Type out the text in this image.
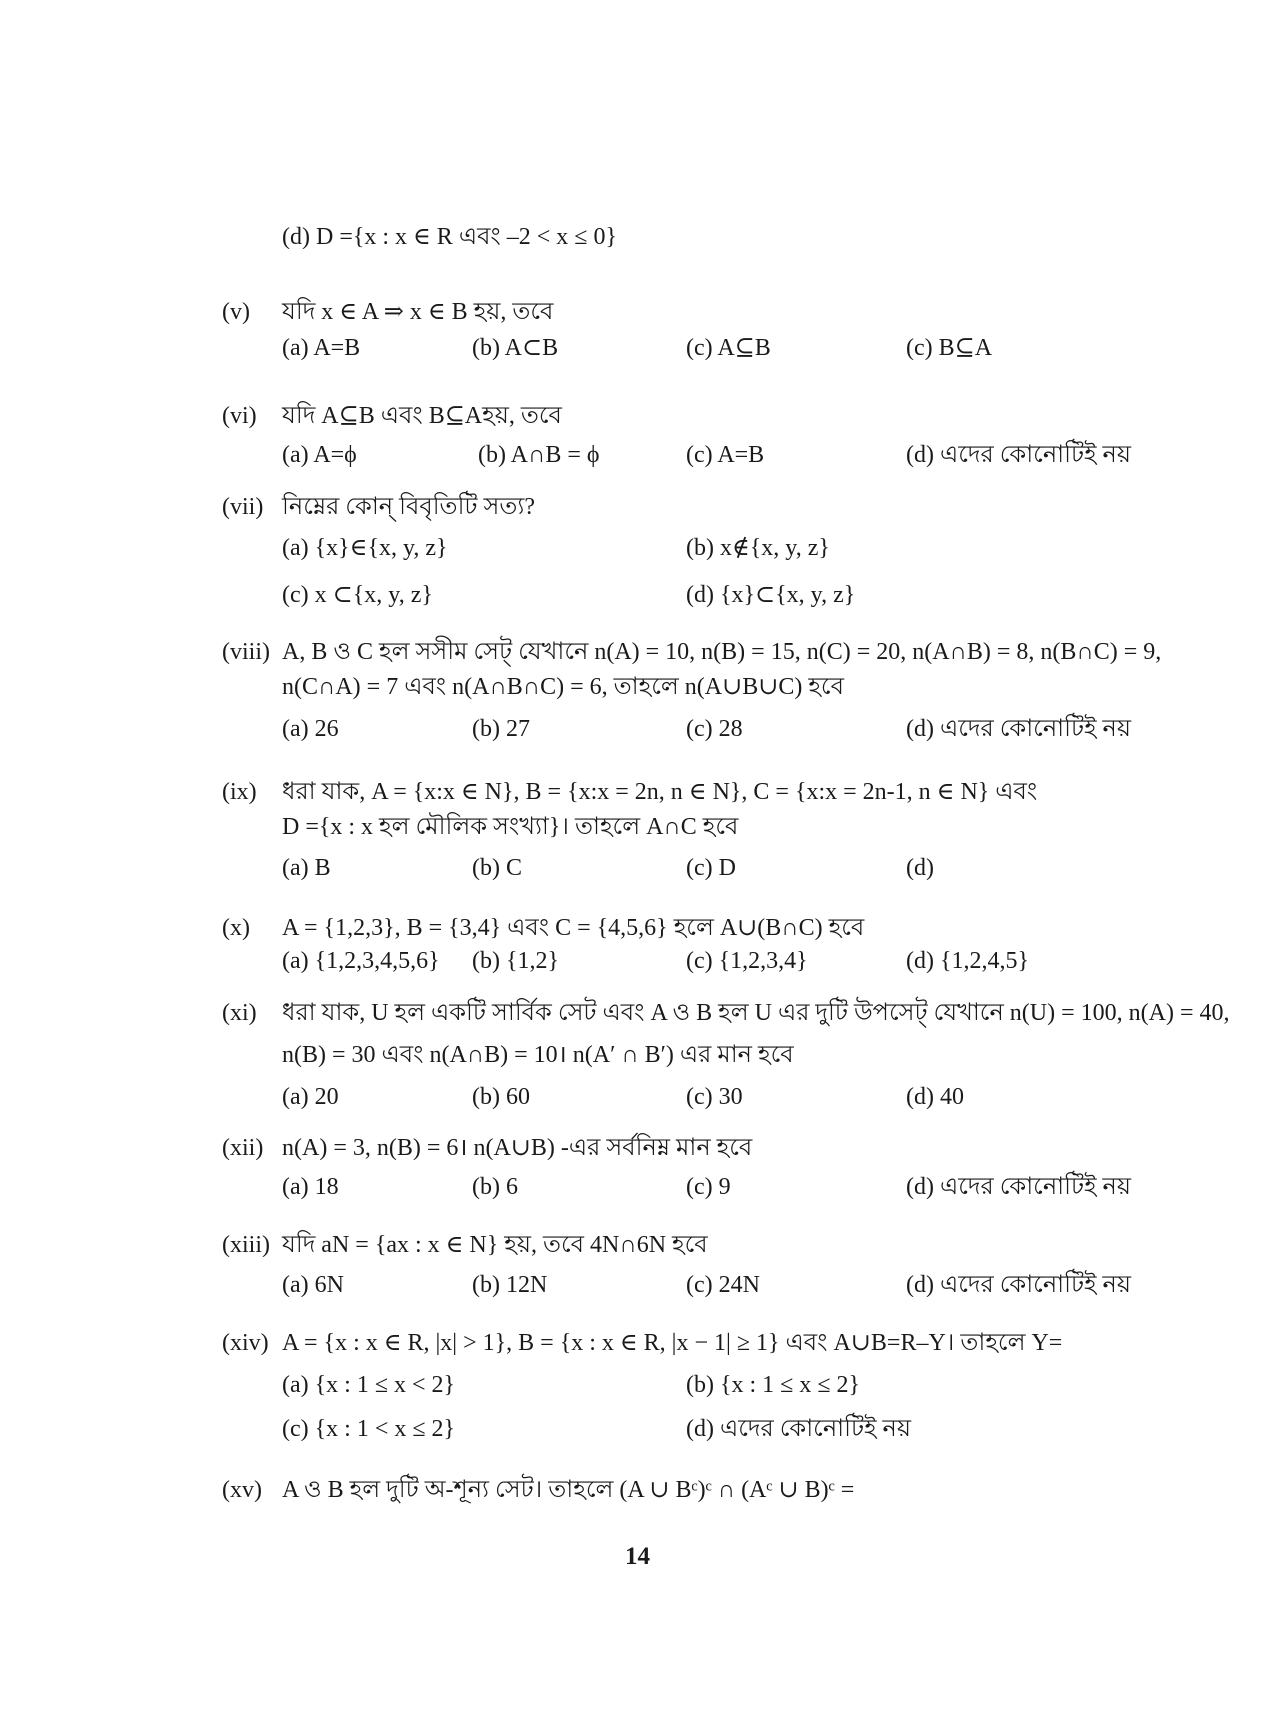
(d) D ={x : x ∈ R এবং –2 < x ≤ 0}
(v) যদি x ∈ A ⇒ x ∈ B হয়, তবে
(a) A=B	(b) A⊂B	(c) A⊆B	(c) B⊆A
(vi) যদি A⊆B এবং B⊆Aহয়, তবে
(a) A=ϕ	(b) A∩B = ϕ	(c) A=B	(d) এদের কোনোটিই নয়
(vii) নিম্নের কোন্ বিবৃতিটি সত্য?
(a) {x}∈{x, y, z}	(b) x∉{x, y, z}
(c) x ⊂{x, y, z}	(d) {x}⊂{x, y, z}
(viii) A, B ও C হল সসীম সেট্ যেখানে n(A) = 10, n(B) = 15, n(C) = 20, n(A∩B) = 8, n(B∩C) = 9,
n(C∩A) = 7 এবং n(A∩B∩C) = 6, তাহলে n(A∪B∪C) হবে
(a) 26	(b) 27	(c) 28	(d) এদের কোনোটিই নয়
(ix) ধরা যাক, A = {x:x ∈ N}, B = {x:x = 2n, n ∈ N}, C = {x:x = 2n-1, n ∈ N} এবং
D ={x : x হল মৌলিক সংখ্যা}। তাহলে A∩C হবে
(a) B	(b) C	(c) D	(d)
(x) A = {1,2,3}, B = {3,4} এবং C = {4,5,6} হলে A∪(B∩C) হবে
(a) {1,2,3,4,5,6} (b) {1,2}	(c) {1,2,3,4}	(d) {1,2,4,5}
(xi) ধরা যাক, U হল একটি সার্বিক সেট এবং A ও B হল U এর দুটি উপসেট্ যেখানে n(U) = 100, n(A) = 40,
n(B) = 30 এবং n(A∩B) = 10। n(A′ ∩ B′) এর মান হবে
(a) 20	(b) 60	(c) 30	(d) 40
(xii) n(A) = 3, n(B) = 6। n(A∪B) -এর সর্বনিম্ন মান হবে
(a) 18	(b) 6	(c) 9	(d) এদের কোনোটিই নয়
(xiii) যদি aN = {ax : x ∈ N} হয়, তবে 4N∩6N হবে
(a) 6N	(b) 12N	(c) 24N	(d) এদের কোনোটিই নয়
(xiv) A = {x : x ∈ R, |x| > 1}, B = {x : x ∈ R, |x − 1| ≥ 1} এবং A∪B=R–Y। তাহলে Y=
(a) {x : 1 ≤ x < 2}	(b) {x : 1 ≤ x ≤ 2}
(c) {x : 1 < x ≤ 2}	(d) এদের কোনোটিই নয়
(xv) A ও B হল দুটি অ-শূন্য সেট। তাহলে (A ∪ Bᶜ)ᶜ ∩ (Aᶜ ∪ B)ᶜ =
14
